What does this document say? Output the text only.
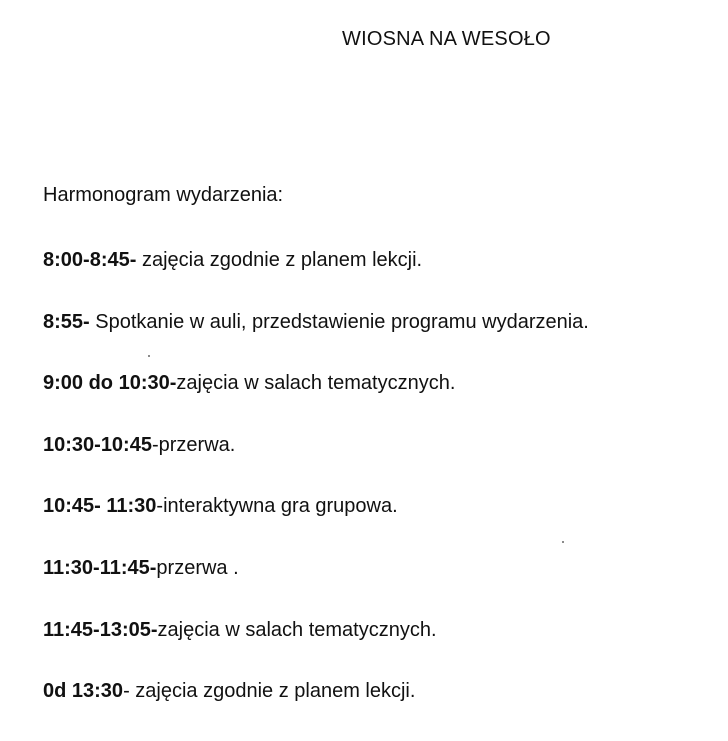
WIOSNA NA WESOŁO
Harmonogram wydarzenia:
8:00-8:45- zajęcia zgodnie z planem lekcji.
8:55- Spotkanie w auli, przedstawienie programu wydarzenia.
9:00 do 10:30-zajęcia w salach tematycznych.
10:30-10:45-przerwa.
10:45- 11:30-interaktywna gra grupowa.
11:30-11:45-przerwa .
11:45-13:05-zajęcia w salach tematycznych.
0d 13:30- zajęcia zgodnie z planem lekcji.
